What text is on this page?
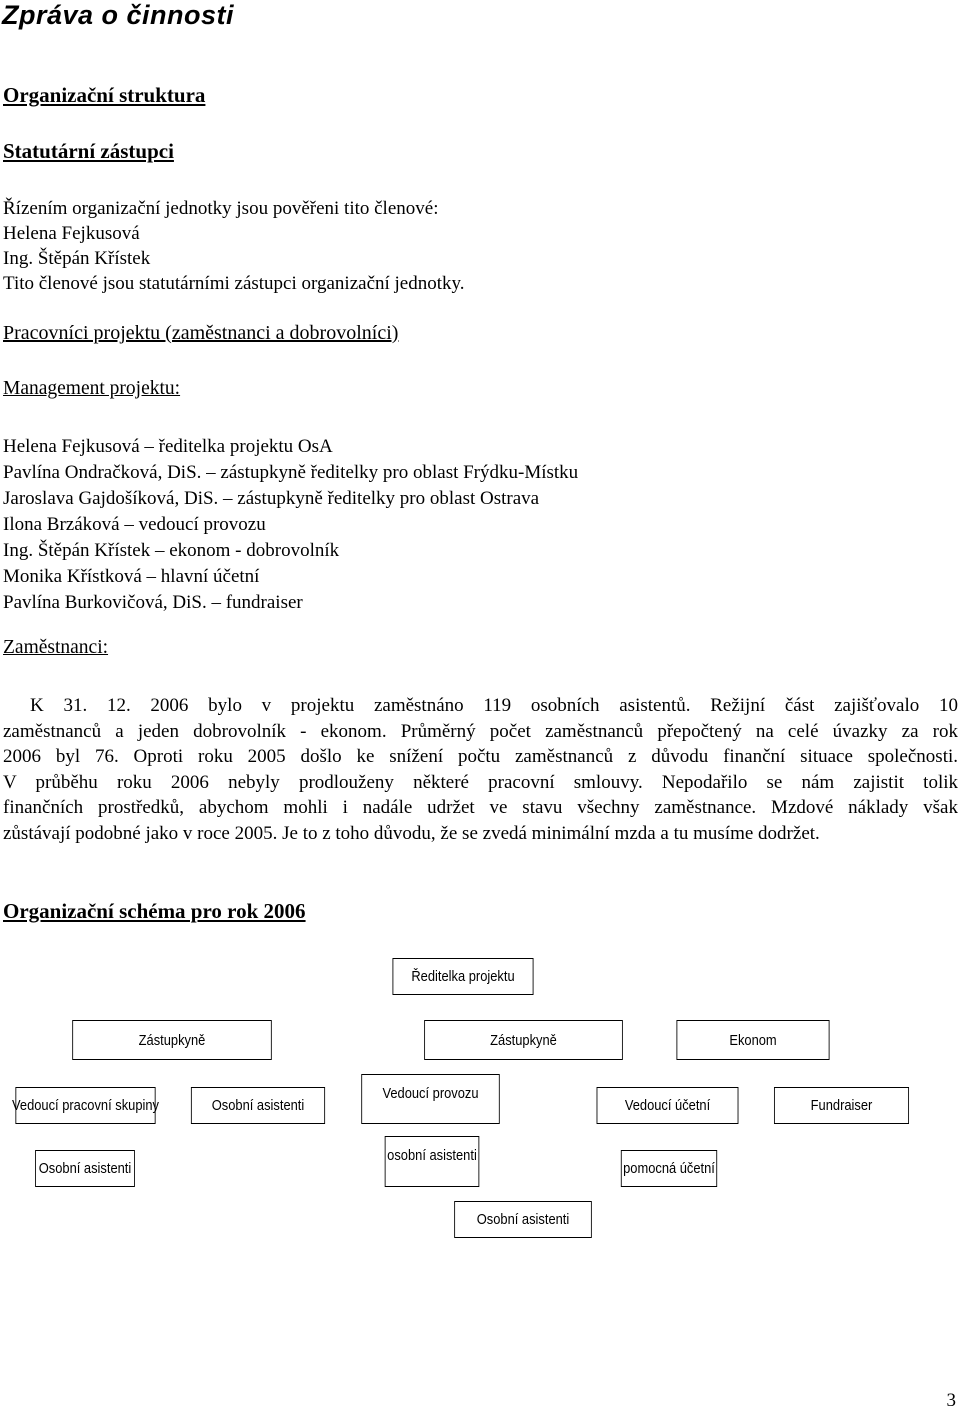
Zpráva o činnosti
Organizační struktura
Statutární zástupci
Řízením organizační jednotky jsou pověřeni tito členové:
Helena Fejkusová
Ing. Štěpán Křístek
Tito členové jsou statutárními zástupci organizační jednotky.
Pracovníci projektu (zaměstnanci a dobrovolníci)
Management projektu:
Helena Fejkusová – ředitelka projektu OsA
Pavlína Ondračková, DiS. – zástupkyně ředitelky pro oblast Frýdku-Místku
Jaroslava Gajdošíková, DiS. – zástupkyně ředitelky pro oblast Ostrava
Ilona Brzáková – vedoucí provozu
Ing. Štěpán Křístek – ekonom - dobrovolník
Monika Křístková – hlavní účetní
Pavlína Burkovičová, DiS. – fundraiser
Zaměstnanci:
K 31. 12. 2006 bylo v projektu zaměstnáno 119 osobních asistentů. Režijní část zajišťovalo 10
zaměstnanců a jeden dobrovolník - ekonom. Průměrný počet zaměstnanců přepočtený na celé úvazky za rok
2006 byl 76. Oproti roku 2005 došlo ke snížení počtu zaměstnanců z důvodu finanční situace společnosti.
V průběhu roku 2006 nebyly prodlouženy některé pracovní smlouvy. Nepodařilo se nám zajistit tolik
finančních prostředků, abychom mohli i nadále udržet ve stavu všechny zaměstnance. Mzdové náklady však
zůstávají podobné jako v roce 2005. Je to z toho důvodu, že se zvedá minimální mzda a tu musíme dodržet.
Organizační schéma pro rok 2006
Ředitelka projektu
Zástupkyně	Zástupkyně	Ekonom
Vedoucí pracovní skupiny	Osobní asistenti
Vedoucí provozu
Vedoucí účetní	Fundraiser
Osobní asistenti
osobní asistenti
pomocná účetní
Osobní asistenti
3
